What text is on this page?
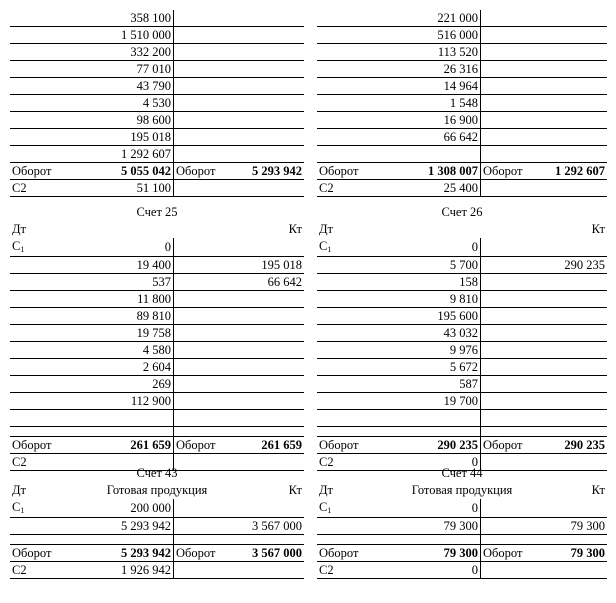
	358 100		
	1 510 000		
	332 200		
	77 010		
	43 790		
	4 530		
	98 600		
	195 018		
	1 292 607		
Оборот	5 055 042	Оборот	5 293 942
С2	51 100		
	221 000		
	516 000		
	113 520		
	26 316		
	14 964		
	1 548		
	16 900		
	66 642		

Оборот	1 308 007	Оборот	1 292 607
С2	25 400		
Счет 25
Дт	Кт
$С_1$	0		
	19 400		195 018
	537		66 642
	11 800		
	89 810		
	19 758		
	4 580		
	2 604		
	269		
	112 900		

Оборот	261 659	Оборот	261 659
С2			
Счет 26
Дт	Кт
$С_1$	0		
	5 700		290 235
	158		
	9 810		
	195 600		
	43 032		
	9 976		
	5 672		
	587		
	19 700		

Оборот	290 235	Оборот	290 235
С2	0		
Счет 43
Дт	Готовая продукция	Кт
$С_1$	200 000		
	5 293 942		3 567 000

Оборот	5 293 942	Оборот	3 567 000
С2	1 926 942		
Счет 44
Дт	Готовая продукция	Кт
$С_1$	0		
	79 300		79 300

Оборот	79 300	Оборот	79 300
С2	0		
